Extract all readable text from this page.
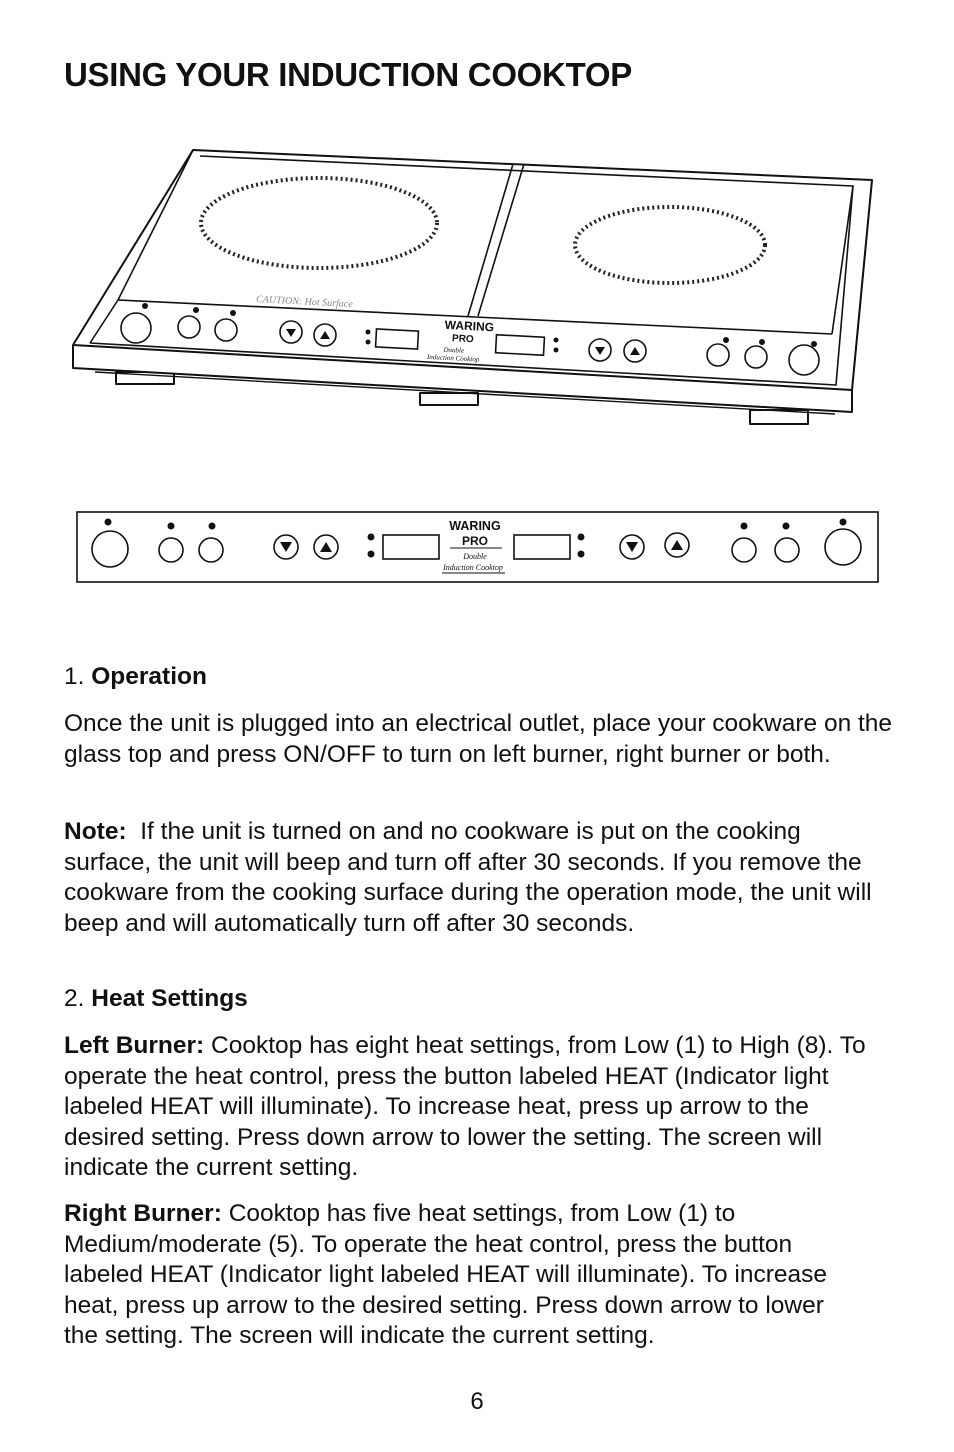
USING YOUR INDUCTION COOKTOP
CAUTION: Hot Surface
WARING
PRO
Double
Induction Cooktop
WARING
PRO
Double
Induction Cooktop

1. Operation

Once the unit is plugged into an electrical outlet, place your cookware on the glass top and press ON/OFF to turn on left burner, right burner or both.

Note: If the unit is turned on and no cookware is put on the cooking surface, the unit will beep and turn off after 30 seconds. If you remove the cookware from the cooking surface during the operation mode, the unit will beep and will automatically turn off after 30 seconds.

2. Heat Settings

Left Burner: Cooktop has eight heat settings, from Low (1) to High (8). To operate the heat control, press the button labeled HEAT (Indicator light labeled HEAT will illuminate). To increase heat, press up arrow to the desired setting. Press down arrow to lower the setting. The screen will indicate the current setting.

Right Burner: Cooktop has five heat settings, from Low (1) to Medium/moderate (5). To operate the heat control, press the button labeled HEAT (Indicator light labeled HEAT will illuminate). To increase heat, press up arrow to the desired setting. Press down arrow to lower the setting. The screen will indicate the current setting.

6
